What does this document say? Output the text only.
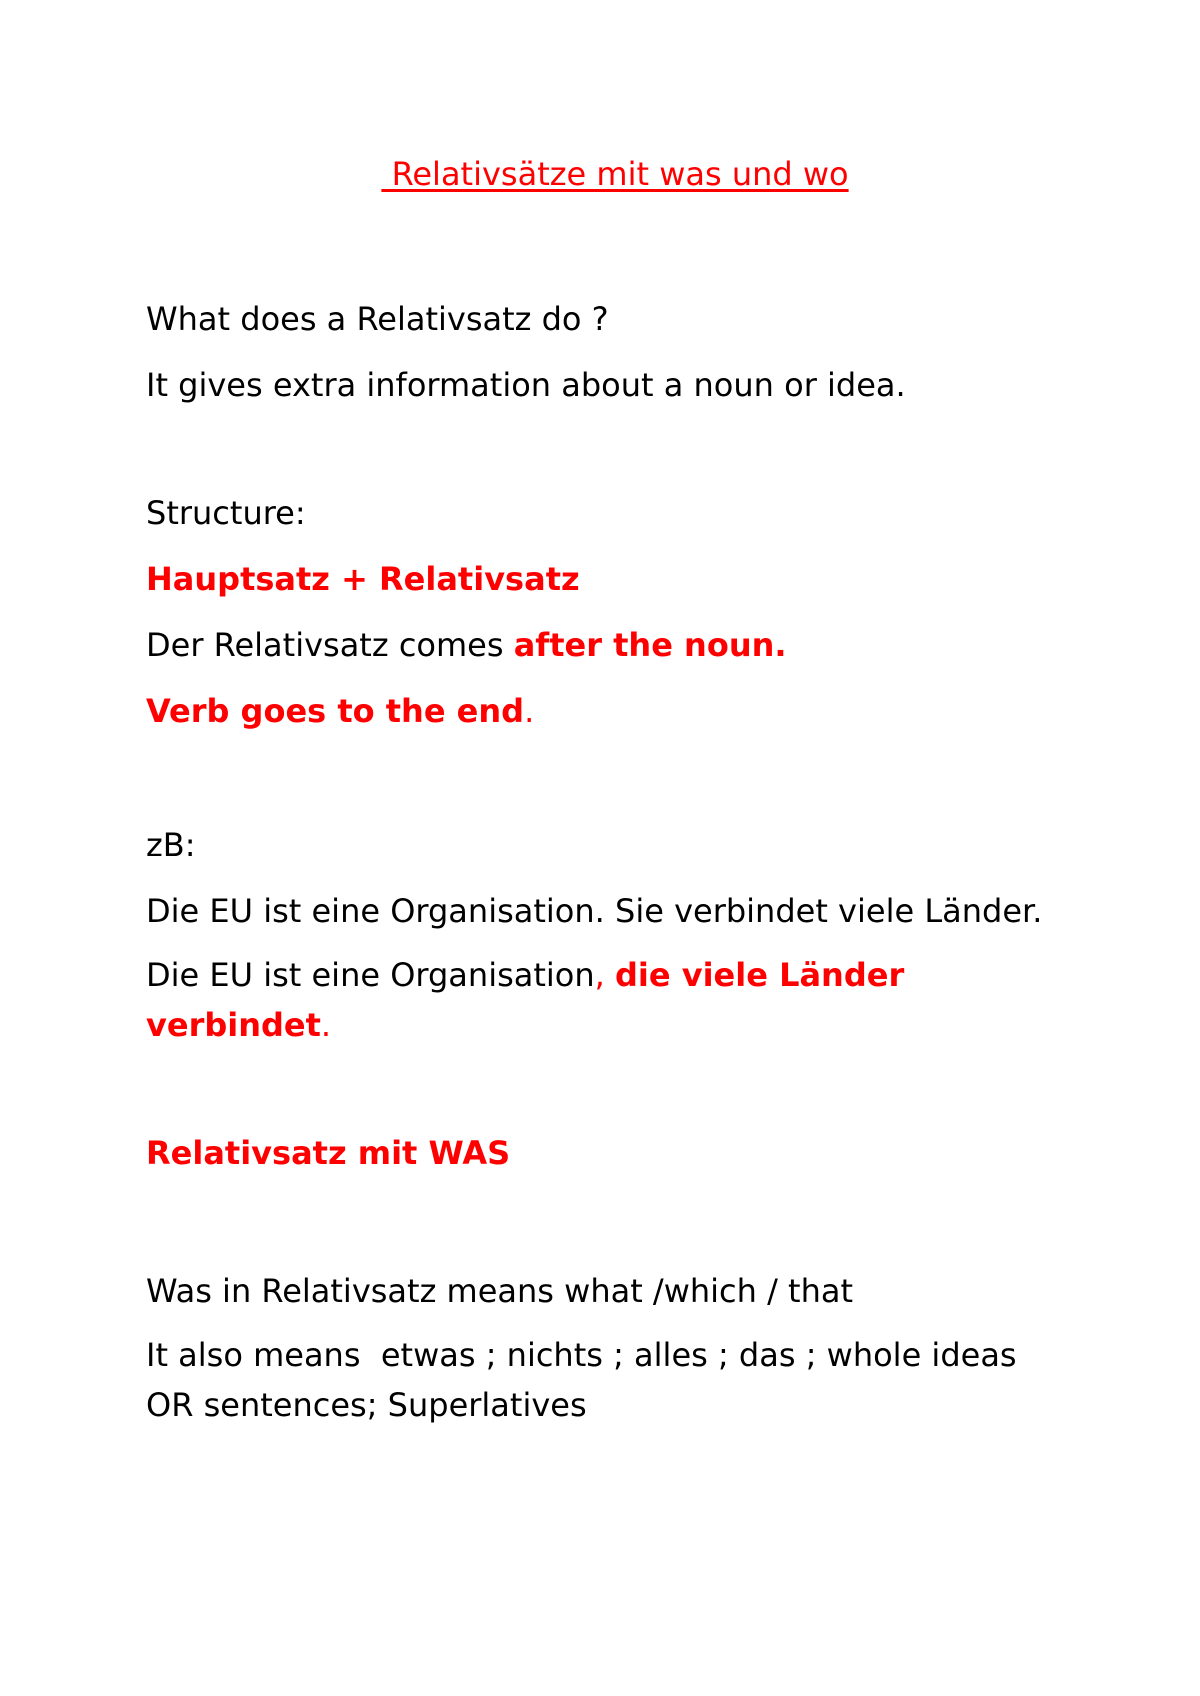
Relativsätze mit was und wo
What does a Relativsatz do ?
It gives extra information about a noun or idea.
Structure:
Hauptsatz + Relativsatz
Der Relativsatz comes after the noun.
Verb goes to the end.
zB:
Die EU ist eine Organisation. Sie verbindet viele Länder.
Die EU ist eine Organisation, die viele Länder verbindet.
Relativsatz mit WAS
Was in Relativsatz means what /which / that
It also means  etwas ; nichts ; alles ; das ; whole ideas OR sentences; Superlatives
